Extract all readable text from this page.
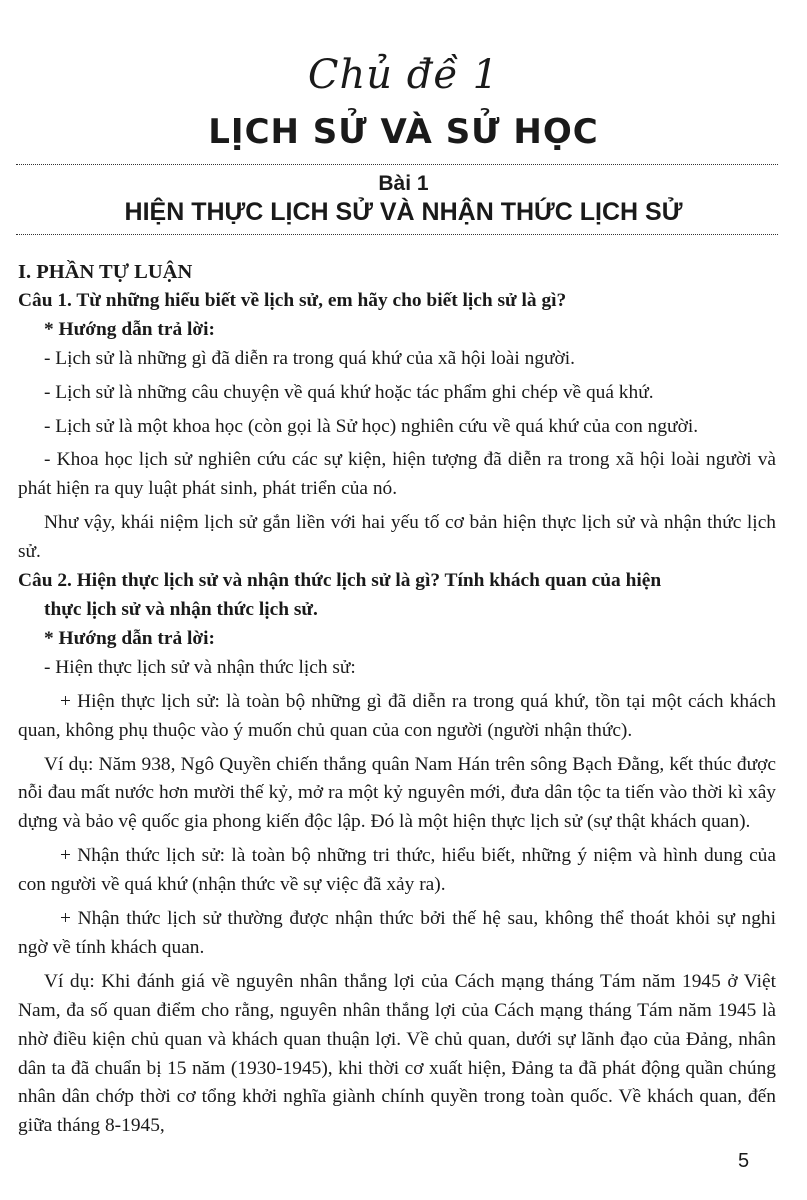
Chủ đề 1
LỊCH SỬ VÀ SỬ HỌC
Bài 1
HIỆN THỰC LỊCH SỬ VÀ NHẬN THỨC LỊCH SỬ

I. PHẦN TỰ LUẬN

Câu 1. Từ những hiểu biết về lịch sử, em hãy cho biết lịch sử là gì?

* Hướng dẫn trả lời:

- Lịch sử là những gì đã diễn ra trong quá khứ của xã hội loài người.

- Lịch sử là những câu chuyện về quá khứ hoặc tác phẩm ghi chép về quá khứ.

- Lịch sử là một khoa học (còn gọi là Sử học) nghiên cứu về quá khứ của con người.

- Khoa học lịch sử nghiên cứu các sự kiện, hiện tượng đã diễn ra trong xã hội loài người và phát hiện ra quy luật phát sinh, phát triển của nó.

Như vậy, khái niệm lịch sử gắn liền với hai yếu tố cơ bản hiện thực lịch sử và nhận thức lịch sử.

Câu 2. Hiện thực lịch sử và nhận thức lịch sử là gì? Tính khách quan của hiện

thực lịch sử và nhận thức lịch sử.

* Hướng dẫn trả lời:

- Hiện thực lịch sử và nhận thức lịch sử:

+ Hiện thực lịch sử: là toàn bộ những gì đã diễn ra trong quá khứ, tồn tại một cách khách quan, không phụ thuộc vào ý muốn chủ quan của con người (người nhận thức).

Ví dụ: Năm 938, Ngô Quyền chiến thắng quân Nam Hán trên sông Bạch Đằng, kết thúc được nỗi đau mất nước hơn mười thế kỷ, mở ra một kỷ nguyên mới, đưa dân tộc ta tiến vào thời kì xây dựng và bảo vệ quốc gia phong kiến độc lập. Đó là một hiện thực lịch sử (sự thật khách quan).

+ Nhận thức lịch sử: là toàn bộ những tri thức, hiểu biết, những ý niệm và hình dung của con người về quá khứ (nhận thức về sự việc đã xảy ra).

+ Nhận thức lịch sử thường được nhận thức bởi thế hệ sau, không thể thoát khỏi sự nghi ngờ về tính khách quan.

Ví dụ: Khi đánh giá về nguyên nhân thắng lợi của Cách mạng tháng Tám năm 1945 ở Việt Nam, đa số quan điểm cho rằng, nguyên nhân thắng lợi của Cách mạng tháng Tám năm 1945 là nhờ điều kiện chủ quan và khách quan thuận lợi. Về chủ quan, dưới sự lãnh đạo của Đảng, nhân dân ta đã chuẩn bị 15 năm (1930-1945), khi thời cơ xuất hiện, Đảng ta đã phát động quần chúng nhân dân chớp thời cơ tổng khởi nghĩa giành chính quyền trong toàn quốc. Về khách quan, đến giữa tháng 8-1945,

5
